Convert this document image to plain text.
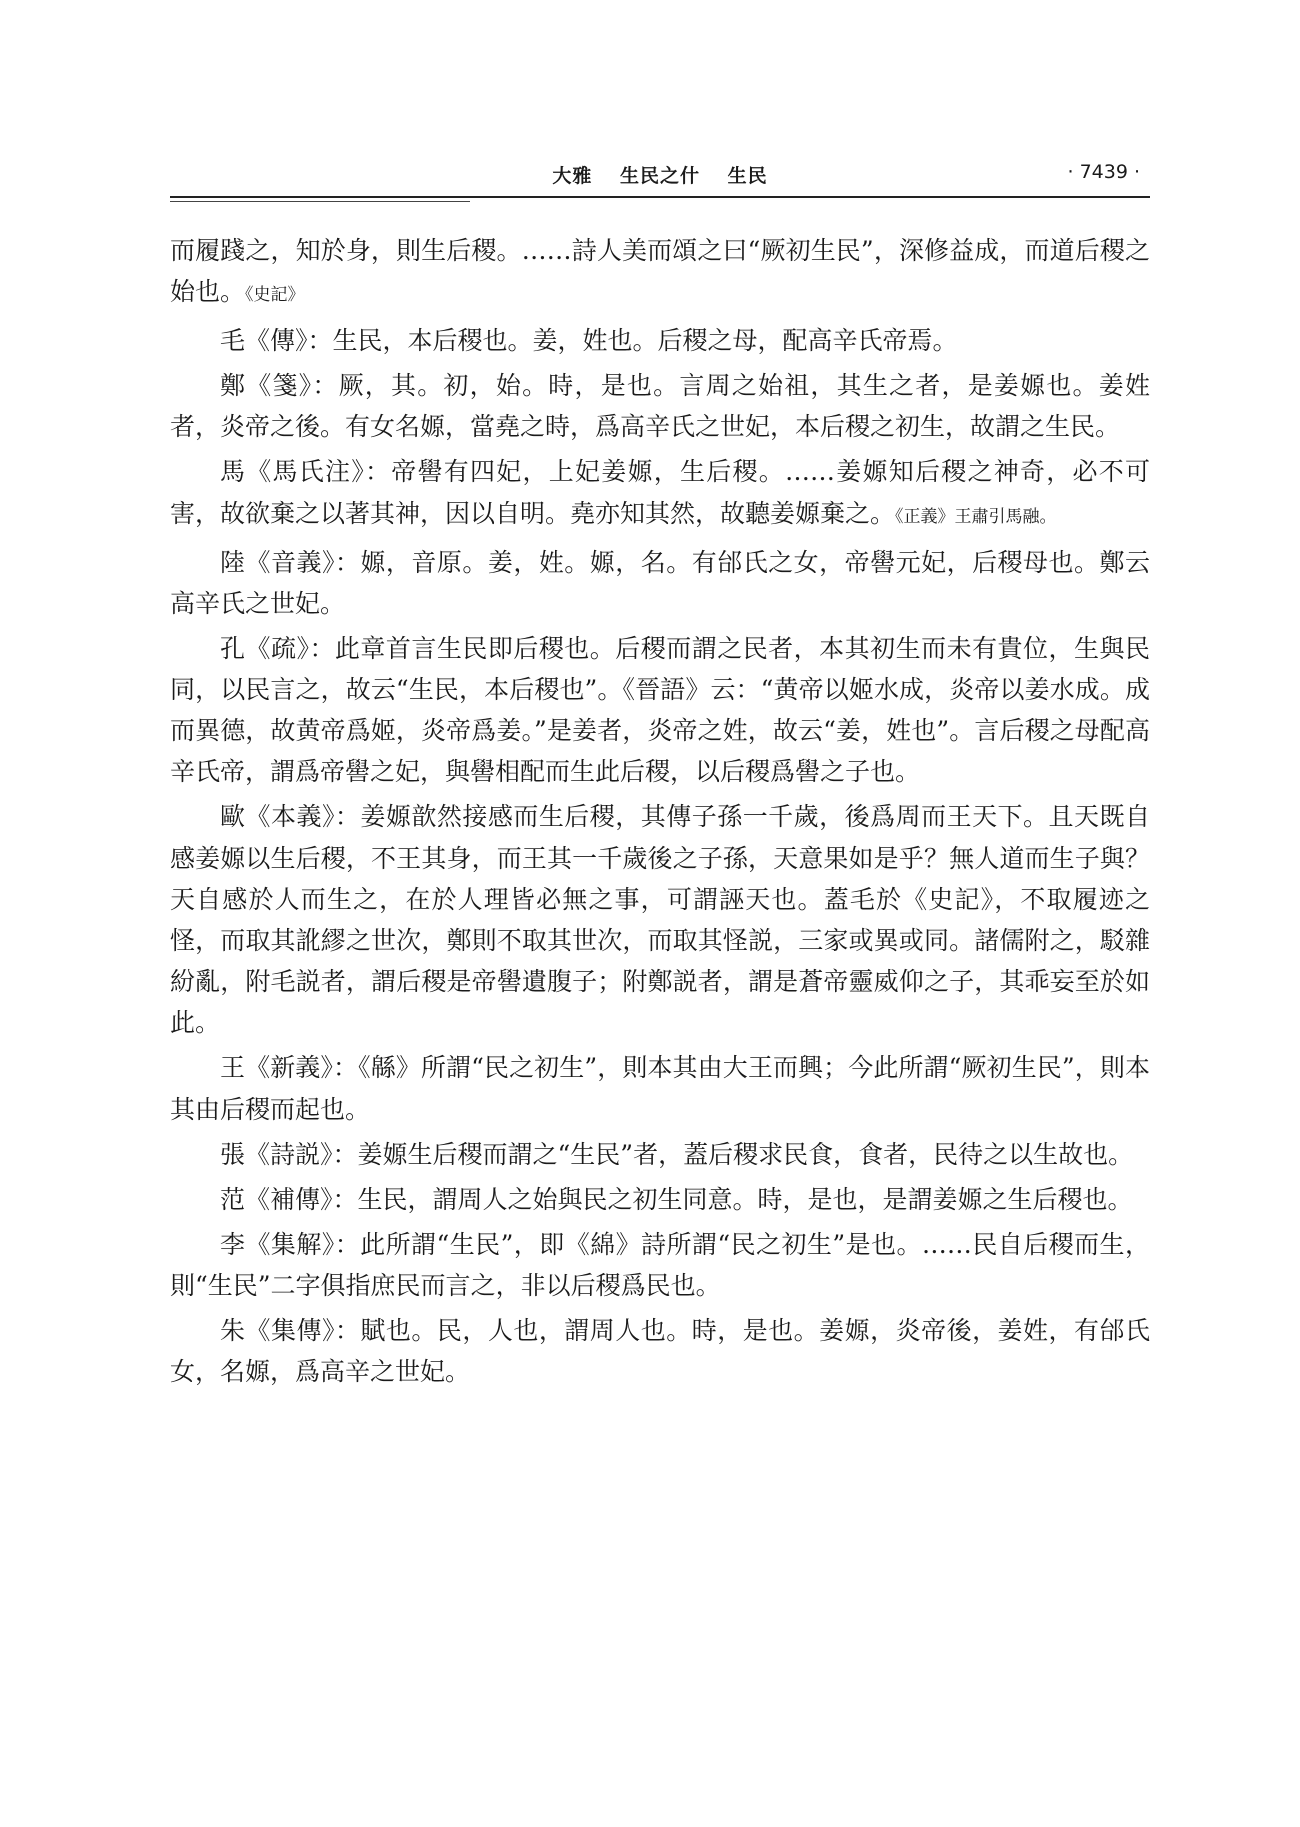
大雅 生民之什 生民	· 7439 ·

而履踐之，知於身，則生后稷。……詩人美而頌之曰“厥初生民”，深修益成，而道后稷之始也。《史記》

毛《傳》：生民，本后稷也。姜，姓也。后稷之母，配高辛氏帝焉。

鄭《箋》：厥，其。初，始。時，是也。言周之始祖，其生之者，是姜嫄也。姜姓者，炎帝之後。有女名嫄，當堯之時，爲高辛氏之世妃，本后稷之初生，故謂之生民。

馬《馬氏注》：帝嚳有四妃，上妃姜嫄，生后稷。……姜嫄知后稷之神奇，必不可害，故欲棄之以著其神，因以自明。堯亦知其然，故聽姜嫄棄之。《正義》王肅引馬融。

陸《音義》：嫄，音原。姜，姓。嫄，名。有邰氏之女，帝嚳元妃，后稷母也。鄭云高辛氏之世妃。

孔《疏》：此章首言生民即后稷也。后稷而謂之民者，本其初生而未有貴位，生與民同，以民言之，故云“生民，本后稷也”。《晉語》云：“黄帝以姬水成，炎帝以姜水成。成而異德，故黄帝爲姬，炎帝爲姜。”是姜者，炎帝之姓，故云“姜，姓也”。言后稷之母配高辛氏帝，謂爲帝嚳之妃，與嚳相配而生此后稷，以后稷爲嚳之子也。

歐《本義》：姜嫄歆然接感而生后稷，其傳子孫一千歲，後爲周而王天下。且天既自感姜嫄以生后稷，不王其身，而王其一千歲後之子孫，天意果如是乎？無人道而生子與？天自感於人而生之，在於人理皆必無之事，可謂誣天也。蓋毛於《史記》，不取履迹之怪，而取其訛繆之世次，鄭則不取其世次，而取其怪説，三家或異或同。諸儒附之，駁雜紛亂，附毛説者，謂后稷是帝嚳遺腹子；附鄭説者，謂是蒼帝靈威仰之子，其乖妄至於如此。

王《新義》：《緜》所謂“民之初生”，則本其由大王而興；今此所謂“厥初生民”，則本其由后稷而起也。

張《詩説》：姜嫄生后稷而謂之“生民”者，蓋后稷求民食，食者，民待之以生故也。

范《補傳》：生民，謂周人之始與民之初生同意。時，是也，是謂姜嫄之生后稷也。

李《集解》：此所謂“生民”，即《綿》詩所謂“民之初生”是也。……民自后稷而生，則“生民”二字俱指庶民而言之，非以后稷爲民也。

朱《集傳》：賦也。民，人也，謂周人也。時，是也。姜嫄，炎帝後，姜姓，有邰氏女，名嫄，爲高辛之世妃。
